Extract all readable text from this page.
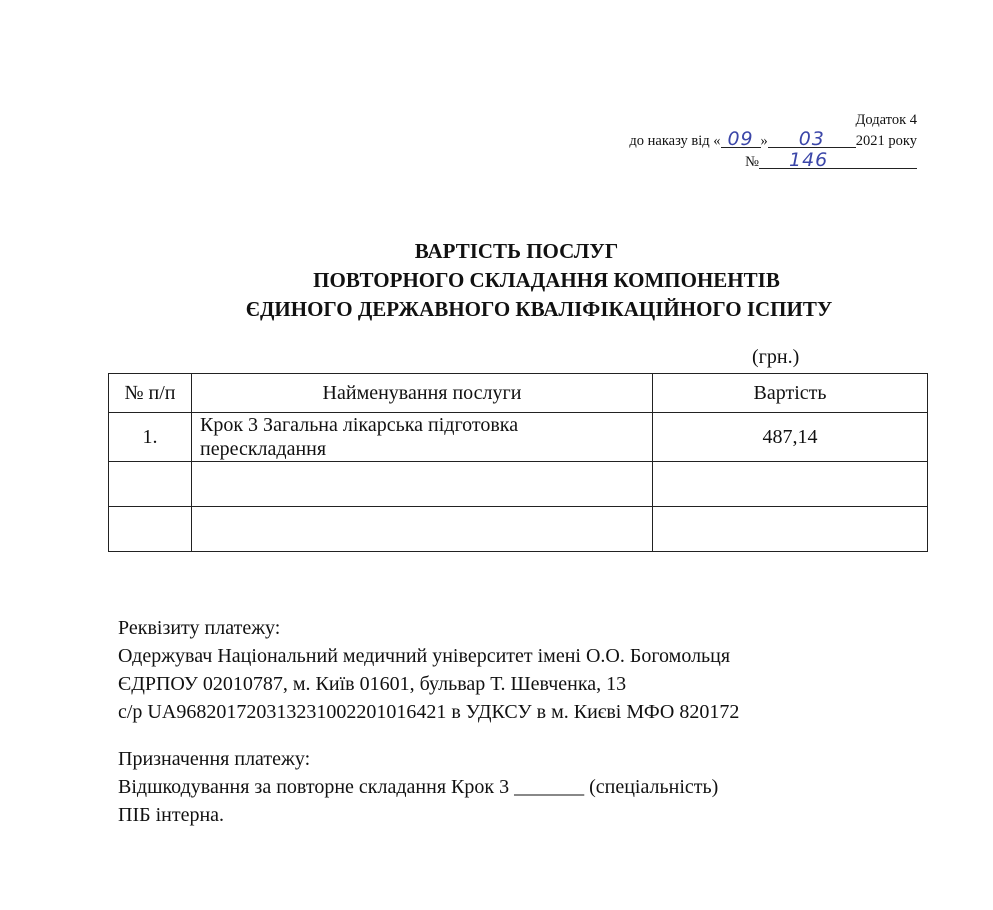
Додаток 4
до наказу від « 09 » 03 2021 року
№ 146
ВАРТІСТЬ ПОСЛУГ
ПОВТОРНОГО СКЛАДАННЯ КОМПОНЕНТІВ
ЄДИНОГО ДЕРЖАВНОГО КВАЛІФІКАЦІЙНОГО ІСПИТУ
(грн.)
№ п/п	Найменування послуги	Вартість
1.	Крок 3 Загальна лікарська підготовка перескладання	487,14

Реквізиту платежу:
Одержувач Національний медичний університет імені О.О. Богомольця
ЄДРПОУ 02010787, м. Київ 01601, бульвар Т. Шевченка, 13
с/р UA968201720313231002201016421 в УДКСУ в м. Києві МФО 820172
Призначення платежу:
Відшкодування за повторне складання Крок 3 _______ (спеціальність)
ПІБ інтерна.
